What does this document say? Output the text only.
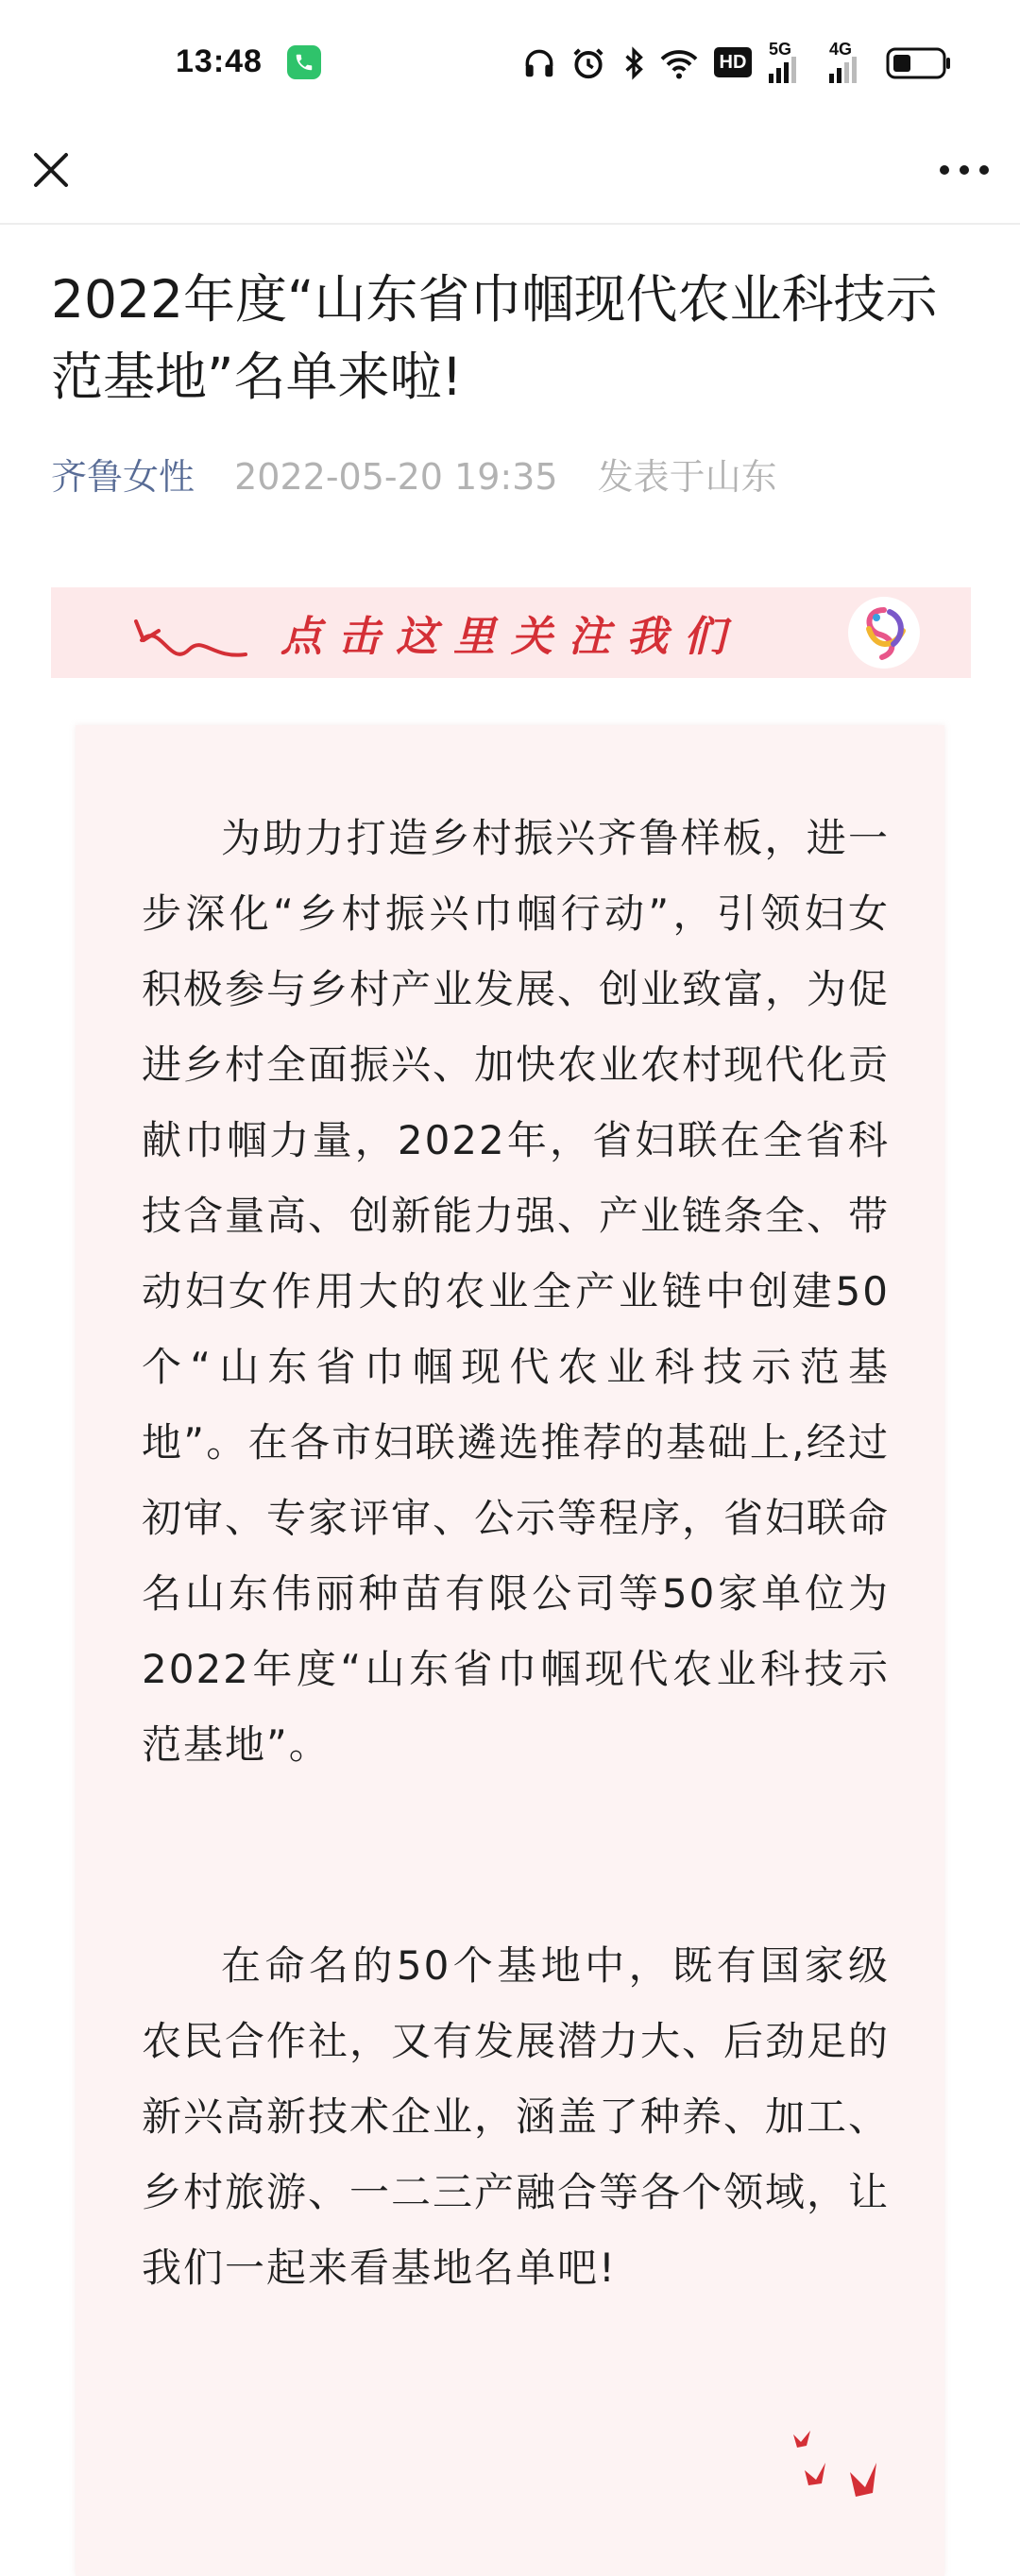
13:48	HD
5G 4G
2022年度“山东省巾帼现代农业科技示范基地”名单来啦!
齐鲁女性 2022-05-20 19:35 发表于山东
点击这里关注我们

为助力打造乡村振兴齐鲁样板，进一步深化“乡村振兴巾帼行动”，引领妇女积极参与乡村产业发展、创业致富，为促进乡村全面振兴、加快农业农村现代化贡献巾帼力量，2022年，省妇联在全省科技含量高、创新能力强、产业链条全、带动妇女作用大的农业全产业链中创建50个“山东省巾帼现代农业科技示范基地”。在各市妇联遴选推荐的基础上,经过初审、专家评审、公示等程序，省妇联命名山东伟丽种苗有限公司等50家单位为2022年度“山东省巾帼现代农业科技示范基地”。

在命名的50个基地中，既有国家级农民合作社，又有发展潜力大、后劲足的新兴高新技术企业，涵盖了种养、加工、乡村旅游、一二三产融合等各个领域，让我们一起来看基地名单吧!
